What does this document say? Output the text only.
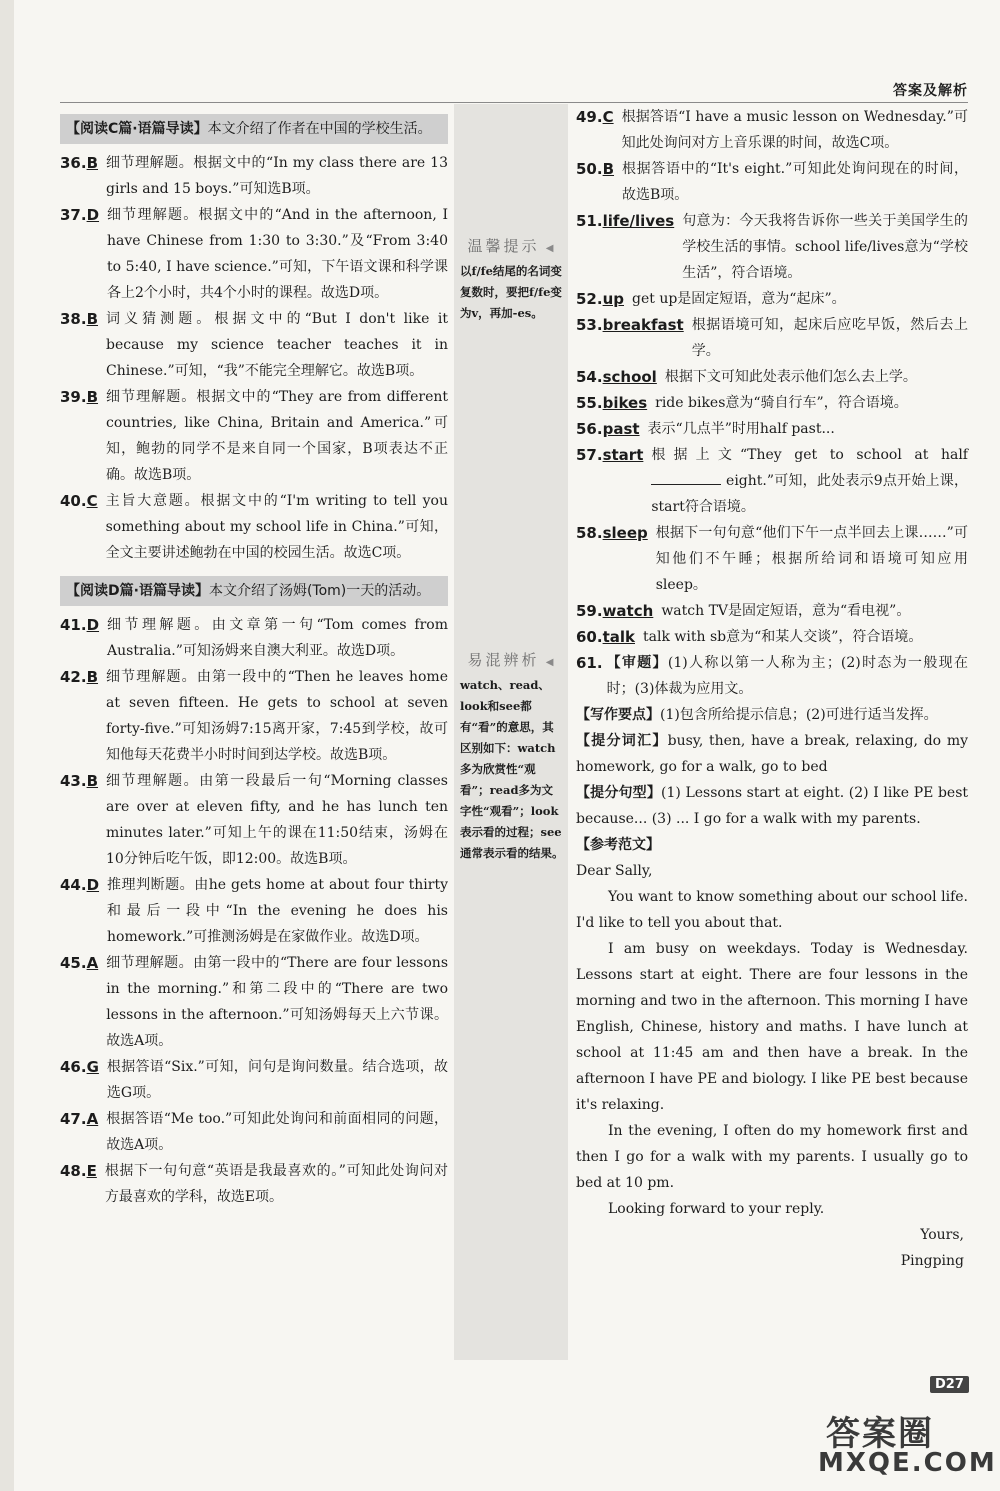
答案及解析
【阅读C篇·语篇导读】本文介绍了作者在中国的学校生活。
36.B 细节理解题。根据文中的“In my class there are 13 girls and 15 boys.”可知选B项。
37.D 细节理解题。根据文中的“And in the afternoon, I have Chinese from 1:30 to 3:30.”及“From 3:40 to 5:40, I have science.”可知，下午语文课和科学课各上2个小时，共4个小时的课程。故选D项。
38.B 词义猜测题。根据文中的“But I don't like it because my science teacher teaches it in Chinese.”可知，“我”不能完全理解它。故选B项。
39.B 细节理解题。根据文中的“They are from different countries, like China, Britain and America.”可知，鲍勃的同学不是来自同一个国家，B项表达不正确。故选B项。
40.C 主旨大意题。根据文中的“I'm writing to tell you something about my school life in China.”可知，全文主要讲述鲍勃在中国的校园生活。故选C项。
【阅读D篇·语篇导读】本文介绍了汤姆(Tom)一天的活动。
41.D 细节理解题。由文章第一句“Tom comes from Australia.”可知汤姆来自澳大利亚。故选D项。
42.B 细节理解题。由第一段中的“Then he leaves home at seven fifteen. He gets to school at seven forty-five.”可知汤姆7:15离开家，7:45到学校，故可知他每天花费半小时时间到达学校。故选B项。
43.B 细节理解题。由第一段最后一句“Morning classes are over at eleven fifty, and he has lunch ten minutes later.”可知上午的课在11:50结束，汤姆在10分钟后吃午饭，即12:00。故选B项。
44.D 推理判断题。由he gets home at about four thirty和最后一段中“In the evening he does his homework.”可推测汤姆是在家做作业。故选D项。
45.A 细节理解题。由第一段中的“There are four lessons in the morning.”和第二段中的“There are two lessons in the afternoon.”可知汤姆每天上六节课。故选A项。
46.G 根据答语“Six.”可知，问句是询问数量。结合选项，故选G项。
47.A 根据答语“Me too.”可知此处询问和前面相同的问题，故选A项。
48.E 根据下一句句意“英语是我最喜欢的。”可知此处询问对方最喜欢的学科，故选E项。
温馨提示 ◀
以f/fe结尾的名词变复数时，要把f/fe变为v，再加-es。
易混辨析 ◀
watch、read、look和see都有“看”的意思，其区别如下：watch多为欣赏性“观看”；read多为文字性“观看”；look表示看的过程；see通常表示看的结果。
49.C 根据答语“I have a music lesson on Wednesday.”可知此处询问对方上音乐课的时间，故选C项。
50.B 根据答语中的“It's eight.”可知此处询问现在的时间，故选B项。
51.life/lives 句意为：今天我将告诉你一些关于美国学生的学校生活的事情。school life/lives意为“学校生活”，符合语境。
52.up get up是固定短语，意为“起床”。
53.breakfast 根据语境可知，起床后应吃早饭，然后去上学。
54.school 根据下文可知此处表示他们怎么去上学。
55.bikes ride bikes意为“骑自行车”，符合语境。
56.past 表示“几点半”时用half past...
57.start 根据上文“They get to school at half  eight.”可知，此处表示9点开始上课，start符合语境。
58.sleep 根据下一句句意“他们下午一点半回去上课……”可知他们不午睡；根据所给词和语境可知应用sleep。
59.watch watch TV是固定短语，意为“看电视”。
60.talk talk with sb意为“和某人交谈”，符合语境。
61. 【审题】(1)人称以第一人称为主；(2)时态为一般现在时；(3)体裁为应用文。
【写作要点】(1)包含所给提示信息；(2)可进行适当发挥。
【提分词汇】busy, then, have a break, relaxing, do my homework, go for a walk, go to bed
【提分句型】(1) Lessons start at eight. (2) I like PE best because... (3) ... I go for a walk with my parents.
【参考范文】

Dear Sally,

You want to know something about our school life. I'd like to tell you about that.

I am busy on weekdays. Today is Wednesday. Lessons start at eight. There are four lessons in the morning and two in the afternoon. This morning I have English, Chinese, history and maths. I have lunch at school at 11:45 am and then have a break. In the afternoon I have PE and biology. I like PE best because it's relaxing.

In the evening, I often do my homework first and then I go for a walk with my parents. I usually go to bed at 10 pm.

Looking forward to your reply.

Yours,

Pingping

D27
答案圈
MXQE.COM
